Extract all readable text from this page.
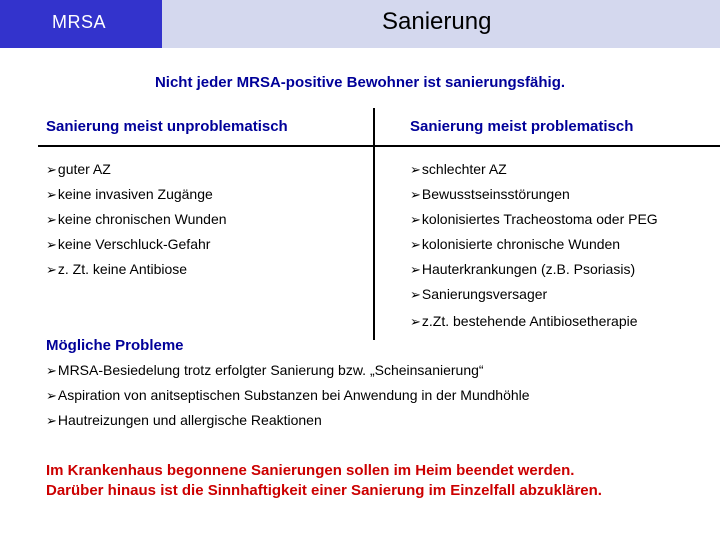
MRSA	Sanierung
Nicht jeder MRSA-positive Bewohner ist sanierungsfähig.
Sanierung meist unproblematisch	Sanierung meist problematisch
➢guter AZ
➢keine invasiven Zugänge
➢keine chronischen Wunden
➢keine Verschluck-Gefahr
➢z. Zt. keine Antibiose
➢schlechter AZ
➢Bewusstseinsstörungen
➢kolonisiertes Tracheostoma oder PEG
➢kolonisierte chronische Wunden
➢Hauterkrankungen (z.B. Psoriasis)
➢Sanierungsversager
➢z.Zt. bestehende Antibiosetherapie
Mögliche Probleme
➢MRSA-Besiedelung trotz erfolgter Sanierung bzw. „Scheinsanierung“
➢Aspiration von anitseptischen Substanzen bei Anwendung in der Mundhöhle
➢Hautreizungen und allergische Reaktionen
Im Krankenhaus begonnene Sanierungen sollen im Heim beendet werden.
Darüber hinaus ist die Sinnhaftigkeit einer Sanierung im Einzelfall abzuklären.
